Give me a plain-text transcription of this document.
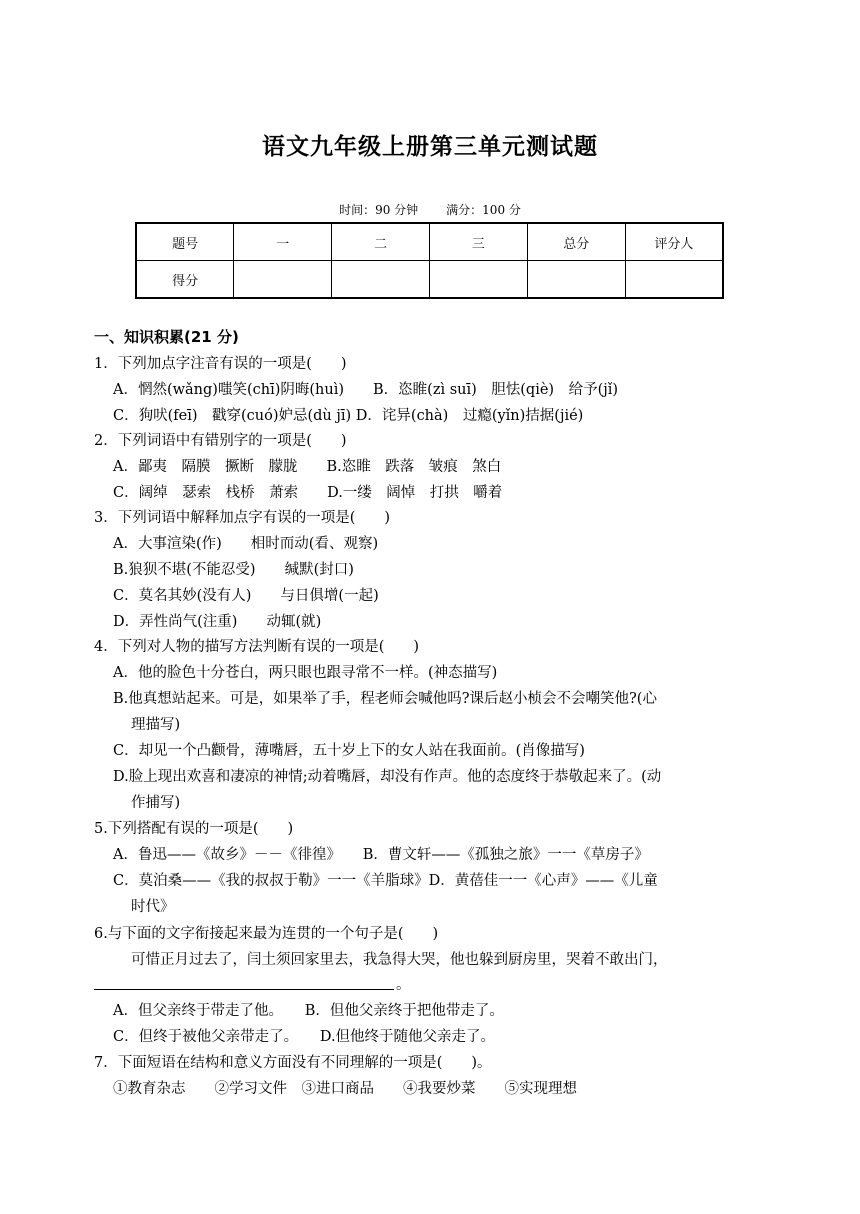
语文九年级上册第三单元测试题
时间：90 分钟 满分：100 分
题号	一	二	三	总分	评分人
得分					
一、知识积累(21 分)
1．下列加点字注音有误的一项是(　　)
A．惘然(wǎng)嗤笑(chī)阴晦(huì)　　B．恣睢(zì suī)　胆怯(qiè)　给予(jǐ)
C．狗吠(feī)　戳穿(cuó)妒忌(dù jī) D．诧异(chà)　过瘾(yǐn)拮据(jié)
2．下列词语中有错别字的一项是(　　)
A．鄙夷　隔膜　撅断　朦胧　　B.恣睢　跌落　皱痕　煞白
C．阔绰　瑟索　栈桥　萧索　　D.一缕　阔悼　打拱　嚼着
3．下列词语中解释加点字有误的一项是(　　)
A．大事渲染(作)　　相时而动(看、观察)
B.狼狈不堪(不能忍受)　　缄默(封口)
C．莫名其妙(没有人)　　与日俱增(一起)
D．弄性尚气(注重)　　动辄(就)
4．下列对人物的描写方法判断有误的一项是(　　)
A．他的脸色十分苍白，两只眼也跟寻常不一样。(神态描写)
B.他真想站起来。可是，如果举了手，程老师会喊他吗?课后赵小桢会不会嘲笑他?(心
理描写)
C．却见一个凸颧骨，薄嘴唇，五十岁上下的女人站在我面前。(肖像描写)
D.脸上现出欢喜和凄凉的神情;动着嘴唇，却没有作声。他的态度终于恭敬起来了。(动
作捕写)
5.下列搭配有误的一项是(　　)
A．鲁迅——《故乡》－－《徘徨》　　B．曹文轩——《孤独之旅》一一《草房子》
C．莫泊桑——《我的叔叔于勒》一一《羊脂球》D．黄蓓佳一一《心声》——《儿童
时代》
6.与下面的文字衔接起来最为连贯的一个句子是(　　)
可惜正月过去了，闫土须回家里去，我急得大哭，他也躲到厨房里，哭着不敢出门，
。
A．但父亲终于带走了他。　　B．但他父亲终于把他带走了。
C．但终于被他父亲带走了。　　D.但他终于随他父亲走了。
7．下面短语在结构和意义方面没有不同理解的一项是(　　)。
①教育杂志　　②学习文件　③进口商品　　④我要炒菜　　⑤实现理想
